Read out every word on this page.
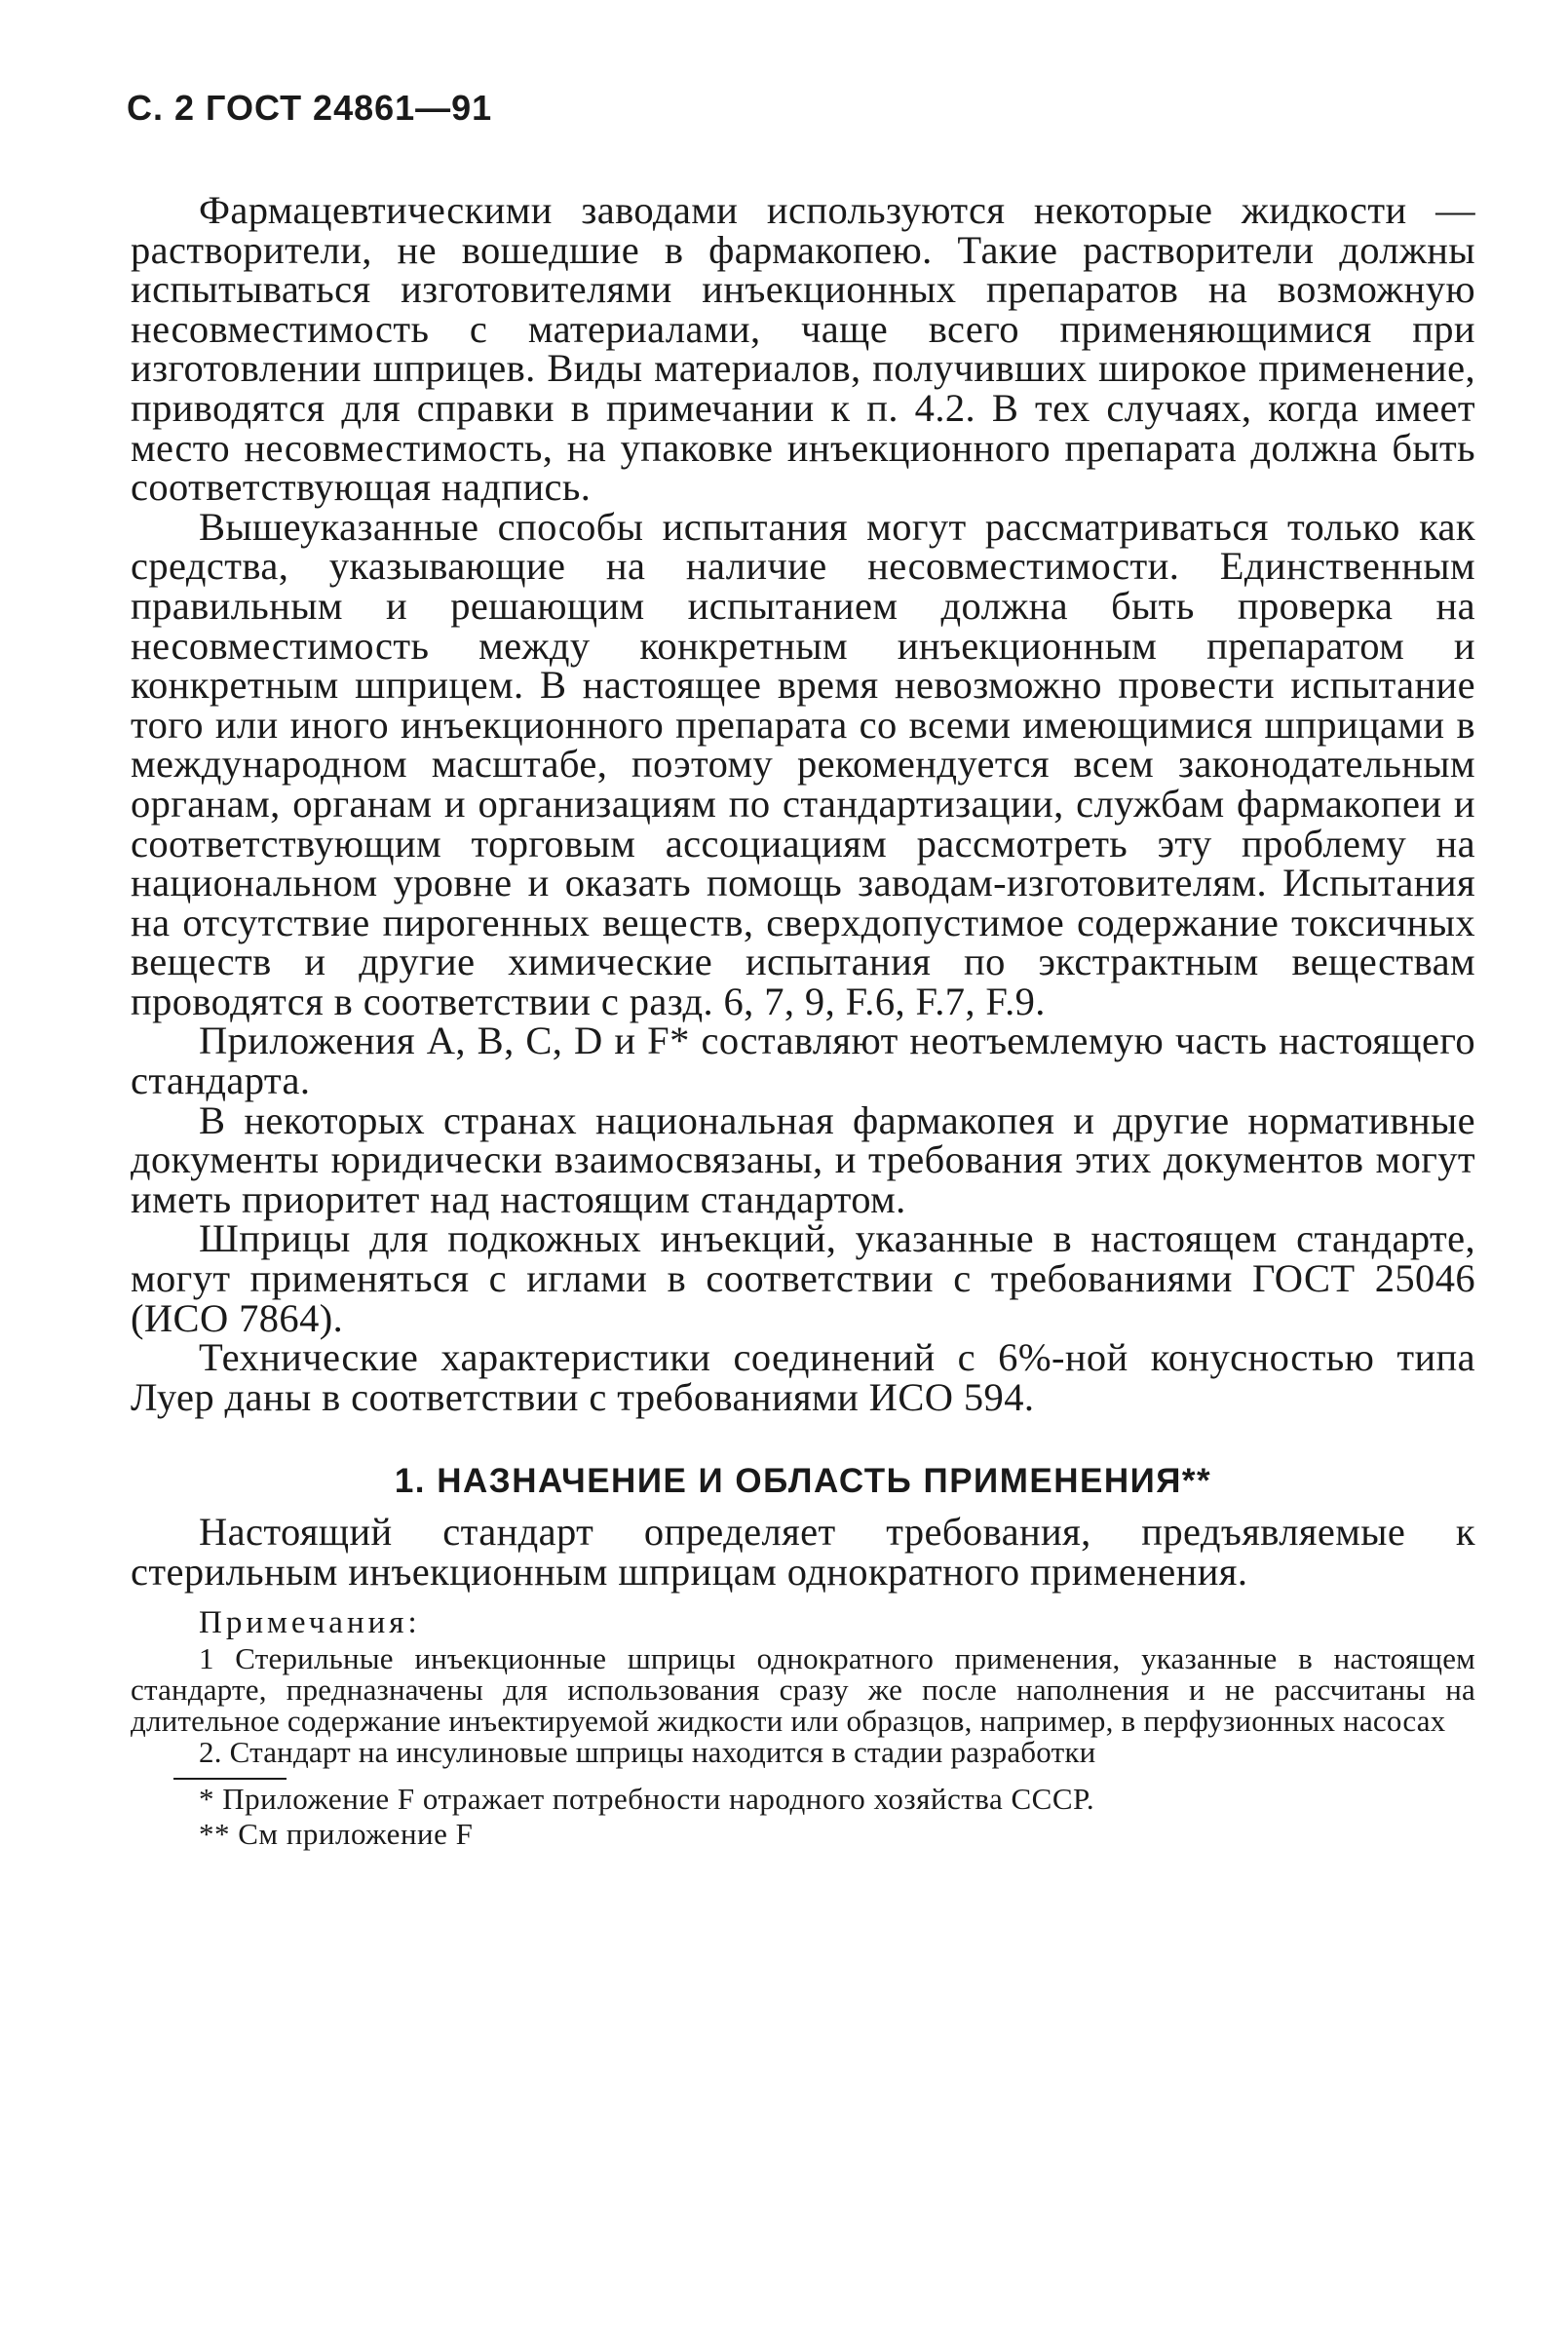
С. 2 ГОСТ 24861—91

Фармацевтическими заводами используются некоторые жидкости — растворители, не вошедшие в фармакопею. Такие растворители должны испытываться изготовителями инъекционных препаратов на возможную несовместимость с материалами, чаще всего применяющимися при изготовлении шприцев. Виды материалов, получивших широкое применение, приводятся для справки в примечании к п. 4.2. В тех случаях, когда имеет место несовместимость, на упаковке инъекционного препарата должна быть соответствующая надпись.

Вышеуказанные способы испытания могут рассматриваться только как средства, указывающие на наличие несовместимости. Единственным правильным и решающим испытанием должна быть проверка на несовместимость между конкретным инъекционным препаратом и конкретным шприцем. В настоящее время невозможно провести испытание того или иного инъекционного препарата со всеми имеющимися шприцами в международном масштабе, поэтому рекомендуется всем законодательным органам, органам и организациям по стандартизации, службам фармакопеи и соответствующим торговым ассоциациям рассмотреть эту проблему на национальном уровне и оказать помощь заводам-изготовителям. Испытания на отсутствие пирогенных веществ, сверхдопустимое содержание токсичных веществ и другие химические испытания по экстрактным веществам проводятся в соответствии с разд. 6, 7, 9, F.6, F.7, F.9.

Приложения А, В, С, D и F* составляют неотъемлемую часть настоящего стандарта.

В некоторых странах национальная фармакопея и другие нормативные документы юридически взаимосвязаны, и требования этих документов могут иметь приоритет над настоящим стандартом.

Шприцы для подкожных инъекций, указанные в настоящем стандарте, могут применяться с иглами в соответствии с требованиями ГОСТ 25046 (ИСО 7864).

Технические характеристики соединений с 6%-ной конусностью типа Луер даны в соответствии с требованиями ИСО 594.

1. НАЗНАЧЕНИЕ И ОБЛАСТЬ ПРИМЕНЕНИЯ**

Настоящий стандарт определяет требования, предъявляемые к стерильным инъекционным шприцам однократного применения.

Примечания:

1 Стерильные инъекционные шприцы однократного применения, указанные в настоящем стандарте, предназначены для использования сразу же после наполнения и не рассчитаны на длительное содержание инъектируемой жидкости или образцов, например, в перфузионных насосах

2. Стандарт на инсулиновые шприцы находится в стадии разработки

* Приложение F отражает потребности народного хозяйства СССР.

** См приложение F
